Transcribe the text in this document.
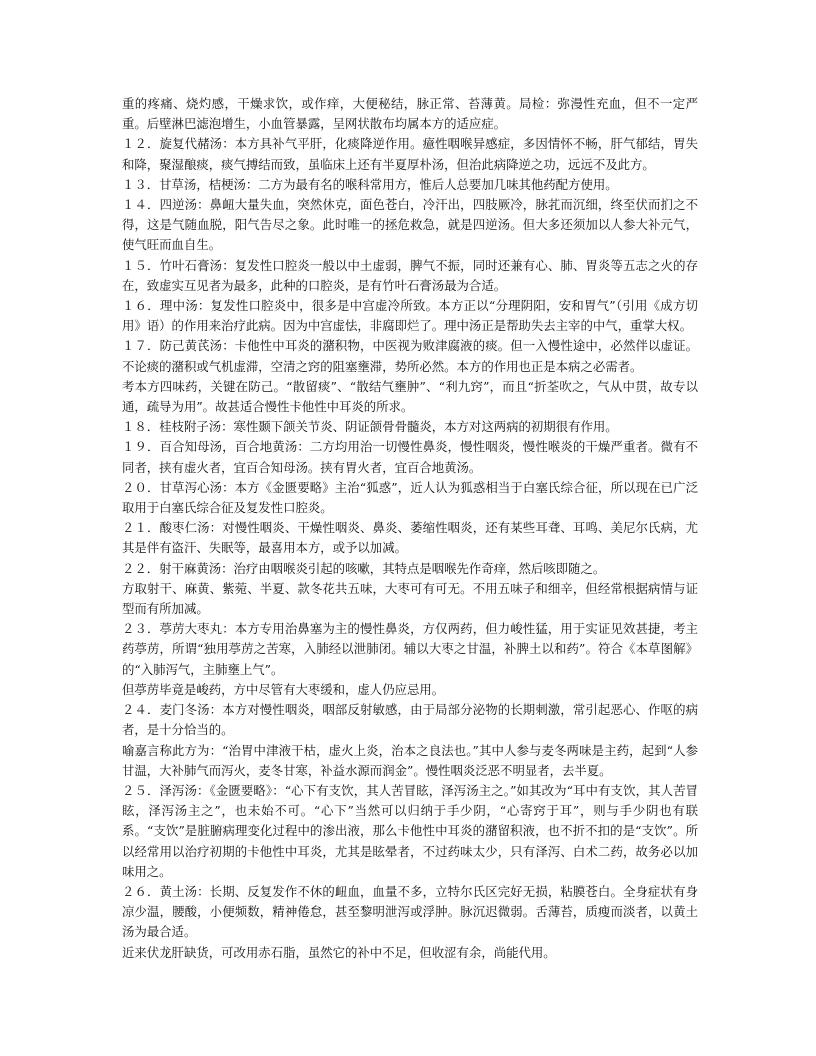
重的疼痛、烧灼感，干燥求饮，或作痒，大便秘结，脉正常、苔薄黄。局检：弥漫性充血，但不一定严重。后壁淋巴滤泡增生，小血管暴露，呈网状散布均属本方的适应症。

１２．旋复代赭汤：本方具补气平肝，化痰降逆作用。癔性咽喉异感症，多因情怀不畅，肝气郁结，胃失和降，聚湿酿痰，痰气搏结而致，虽临床上还有半夏厚朴汤，但治此病降逆之功，远远不及此方。

１３．甘草汤，桔梗汤：二方为最有名的喉科常用方，惟后人总要加几味其他药配方使用。

１４．四逆汤：鼻衄大量失血，突然休克，面色苍白，冷汗出，四肢厥冷，脉芤而沉细，终至伏而扪之不得，这是气随血脱，阳气告尽之象。此时唯一的拯危救急，就是四逆汤。但大多还须加以人参大补元气，使气旺而血自生。

１５．竹叶石膏汤：复发性口腔炎一般以中土虚弱，脾气不振，同时还兼有心、肺、胃炎等五志之火的存在，致虚实互见者为最多，此种的口腔炎，是有竹叶石膏汤最为合适。

１６．理中汤：复发性口腔炎中，很多是中宫虚冷所致。本方正以“分理阴阳，安和胃气”（引用《成方切用》语）的作用来治疗此病。因为中宫虚怯，非腐即烂了。理中汤正是帮助失去主宰的中气，重掌大权。

１７．防己黄芪汤：卡他性中耳炎的潴积物，中医视为败津腐液的痰。但一入慢性途中，必然伴以虚证。不论痰的潴积或气机虚滞，空清之窍的阻塞壅滞，势所必然。本方的作用也正是本病之必需者。

考本方四味药，关键在防己。“散留痰”、“散结气壅肿”、“利九窍”，而且“折荃吹之，气从中贯，故专以通，疏导为用”。故甚适合慢性卡他性中耳炎的所求。

１８．桂枝附子汤：寒性颞下颌关节炎、阴证颌骨骨髓炎，本方对这两病的初期很有作用。

１９．百合知母汤，百合地黄汤：二方均用治一切慢性鼻炎，慢性咽炎，慢性喉炎的干燥严重者。微有不同者，挟有虚火者，宜百合知母汤。挟有胃火者，宜百合地黄汤。

２０．甘草泻心汤：本方《金匮要略》主治“狐惑”，近人认为狐惑相当于白塞氏综合征，所以现在已广泛取用于白塞氏综合征及复发性口腔炎。

２１．酸枣仁汤：对慢性咽炎、干燥性咽炎、鼻炎、萎缩性咽炎，还有某些耳聋、耳鸣、美尼尔氏病，尤其是伴有盗汗、失眠等，最喜用本方，或予以加减。

２２．射干麻黄汤：治疗由咽喉炎引起的咳嗽，其特点是咽喉先作奇痒，然后咳即随之。

方取射干、麻黄、紫菀、半夏、款冬花共五味，大枣可有可无。不用五味子和细辛，但经常根据病情与证型而有所加减。

２３．葶苈大枣丸：本方专用治鼻塞为主的慢性鼻炎，方仅两药，但力峻性猛，用于实证见效甚捷，考主药葶苈，所谓“独用葶苈之苦寒，入肺经以泄肺闭。辅以大枣之甘温，补脾土以和药”。符合《本草图解》的“入肺泻气，主肺壅上气”。

但葶苈毕竟是峻药，方中尽管有大枣缓和，虚人仍应忌用。

２４．麦门冬汤：本方对慢性咽炎，咽部反射敏感，由于局部分泌物的长期刺激，常引起恶心、作呕的病者，是十分恰当的。

喻嘉言称此方为：“治胃中津液干枯，虚火上炎，治本之良法也。”其中人参与麦冬两味是主药，起到“人参甘温，大补肺气而泻火，麦冬甘寒，补益水源而润金”。慢性咽炎泛恶不明显者，去半夏。

２５．泽泻汤：《金匮要略》：“心下有支饮，其人苦冒眩，泽泻汤主之。”如其改为“耳中有支饮，其人苦冒眩，泽泻汤主之”，也未始不可。“心下”当然可以归纳于手少阴，“心寄窍于耳”，则与手少阴也有联系。“支饮”是脏腑病理变化过程中的渗出液，那么卡他性中耳炎的潴留积液，也不折不扣的是“支饮”。所以经常用以治疗初期的卡他性中耳炎，尤其是眩晕者，不过药味太少，只有泽泻、白术二药，故务必以加味用之。

２６．黄土汤：长期、反复发作不休的衄血，血量不多，立特尔氏区完好无损，粘膜苍白。全身症状有身凉少温，腰酸，小便频数，精神倦怠，甚至黎明泄泻或浮肿。脉沉迟微弱。舌薄苔，质瘦而淡者，以黄土汤为最合适。

近来伏龙肝缺货，可改用赤石脂，虽然它的补中不足，但收涩有余，尚能代用。
